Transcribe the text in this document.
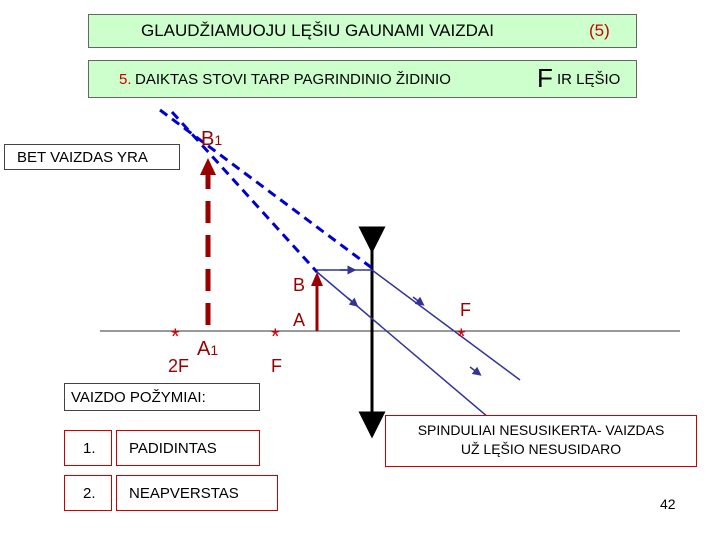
GLAUDŽIAMUOJU LĘŠIU GAUNAMI VAIZDAI	(5)
5. DAIKTAS STOVI TARP PAGRINDINIO ŽIDINIO	F IR LĘŠIO
*	*	*
B1
A1
B
A
2F	F
F
BET VAIZDAS YRA
VAIZDO POŽYMIAI:
1. PADIDINTAS
2. NEAPVERSTAS
SPINDULIAI NESUSIKERTA- VAIZDAS
UŽ LĘŠIO NESUSIDARO
42
